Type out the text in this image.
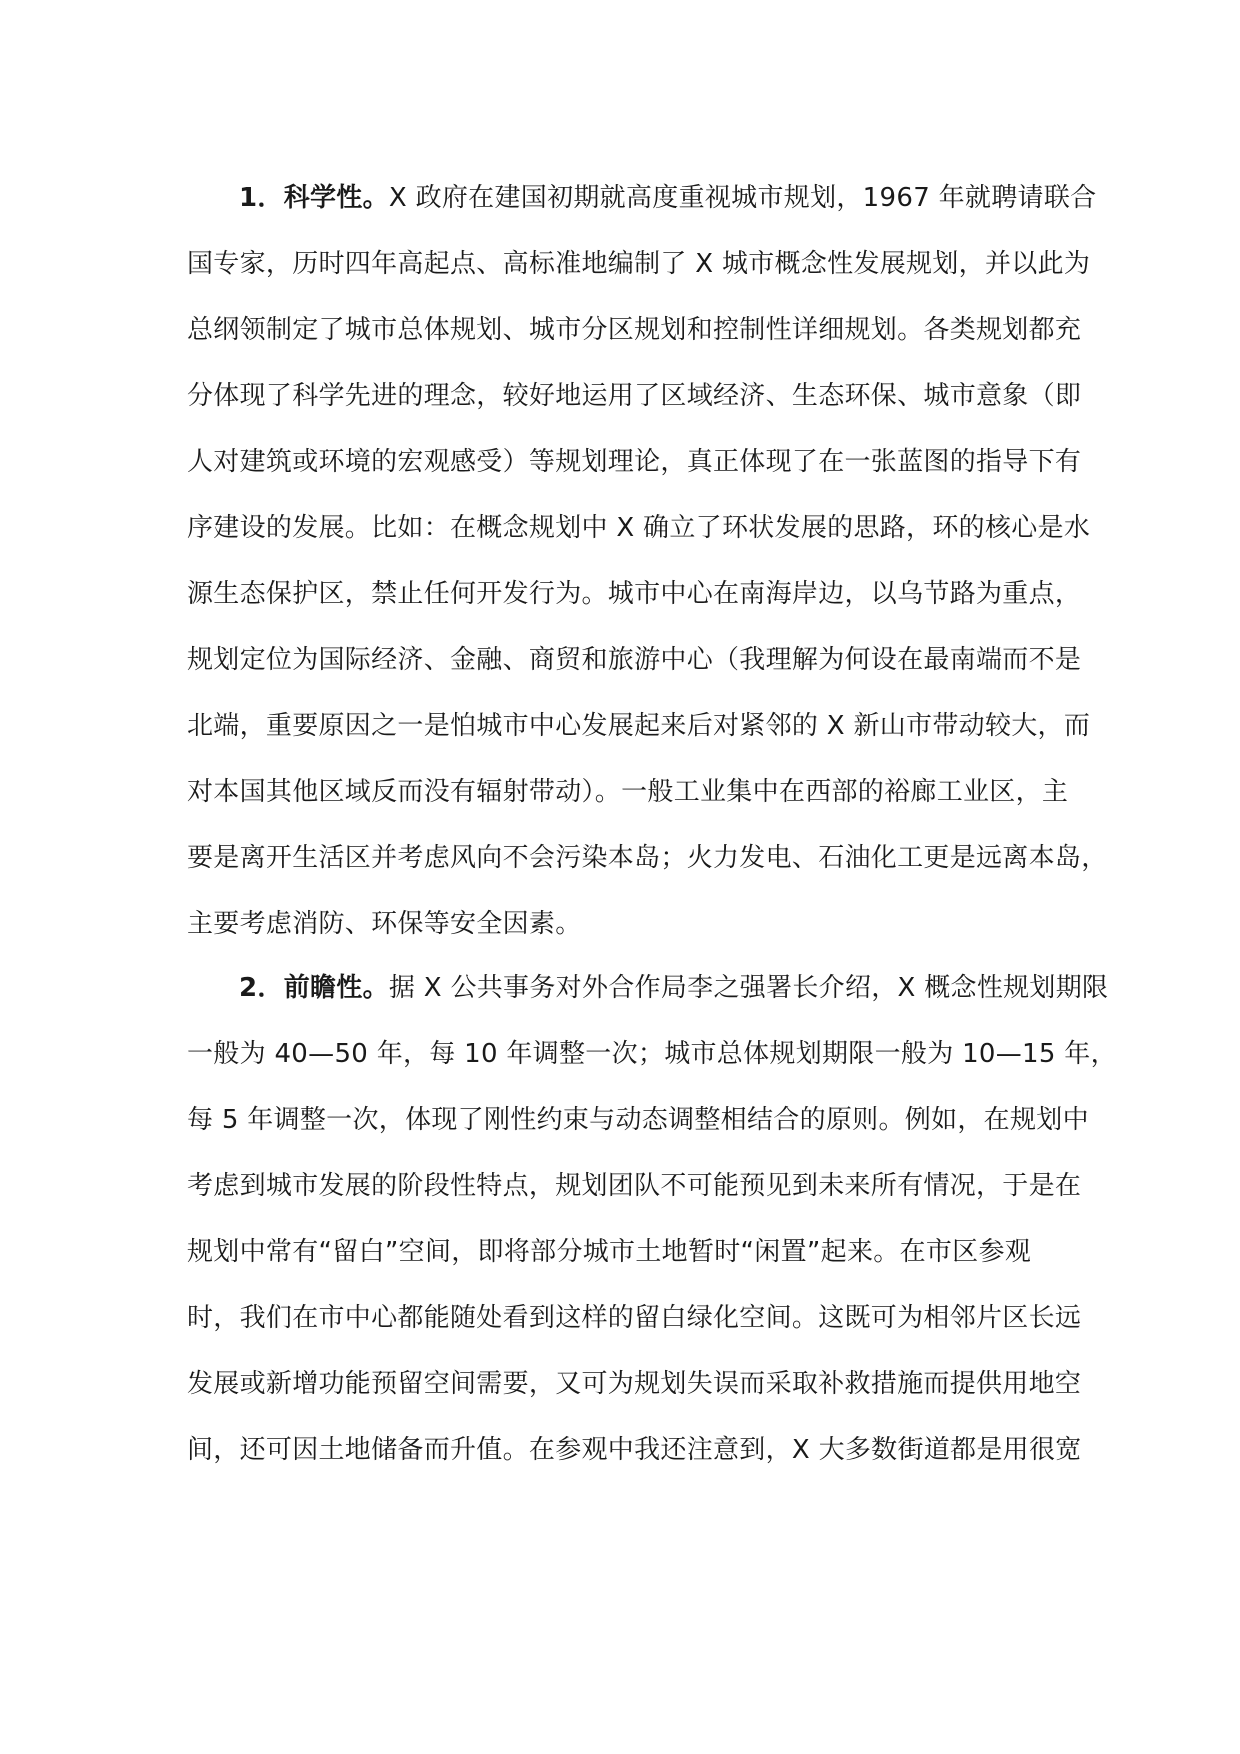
1．科学性。X 政府在建国初期就高度重视城市规划，1967 年就聘请联合
国专家，历时四年高起点、高标准地编制了 X 城市概念性发展规划，并以此为
总纲领制定了城市总体规划、城市分区规划和控制性详细规划。各类规划都充
分体现了科学先进的理念，较好地运用了区域经济、生态环保、城市意象（即
人对建筑或环境的宏观感受）等规划理论，真正体现了在一张蓝图的指导下有
序建设的发展。比如：在概念规划中 X 确立了环状发展的思路，环的核心是水
源生态保护区，禁止任何开发行为。城市中心在南海岸边，以乌节路为重点，
规划定位为国际经济、金融、商贸和旅游中心（我理解为何设在最南端而不是
北端，重要原因之一是怕城市中心发展起来后对紧邻的 X 新山市带动较大，而
对本国其他区域反而没有辐射带动）。一般工业集中在西部的裕廊工业区，主
要是离开生活区并考虑风向不会污染本岛；火力发电、石油化工更是远离本岛，
主要考虑消防、环保等安全因素。
2．前瞻性。据 X 公共事务对外合作局李之强署长介绍，X 概念性规划期限
一般为 40—50 年，每 10 年调整一次；城市总体规划期限一般为 10—15 年，
每 5 年调整一次，体现了刚性约束与动态调整相结合的原则。例如，在规划中
考虑到城市发展的阶段性特点，规划团队不可能预见到未来所有情况，于是在
规划中常有“留白”空间，即将部分城市土地暂时“闲置”起来。在市区参观
时，我们在市中心都能随处看到这样的留白绿化空间。这既可为相邻片区长远
发展或新增功能预留空间需要，又可为规划失误而采取补救措施而提供用地空
间，还可因土地储备而升值。在参观中我还注意到，X 大多数街道都是用很宽
